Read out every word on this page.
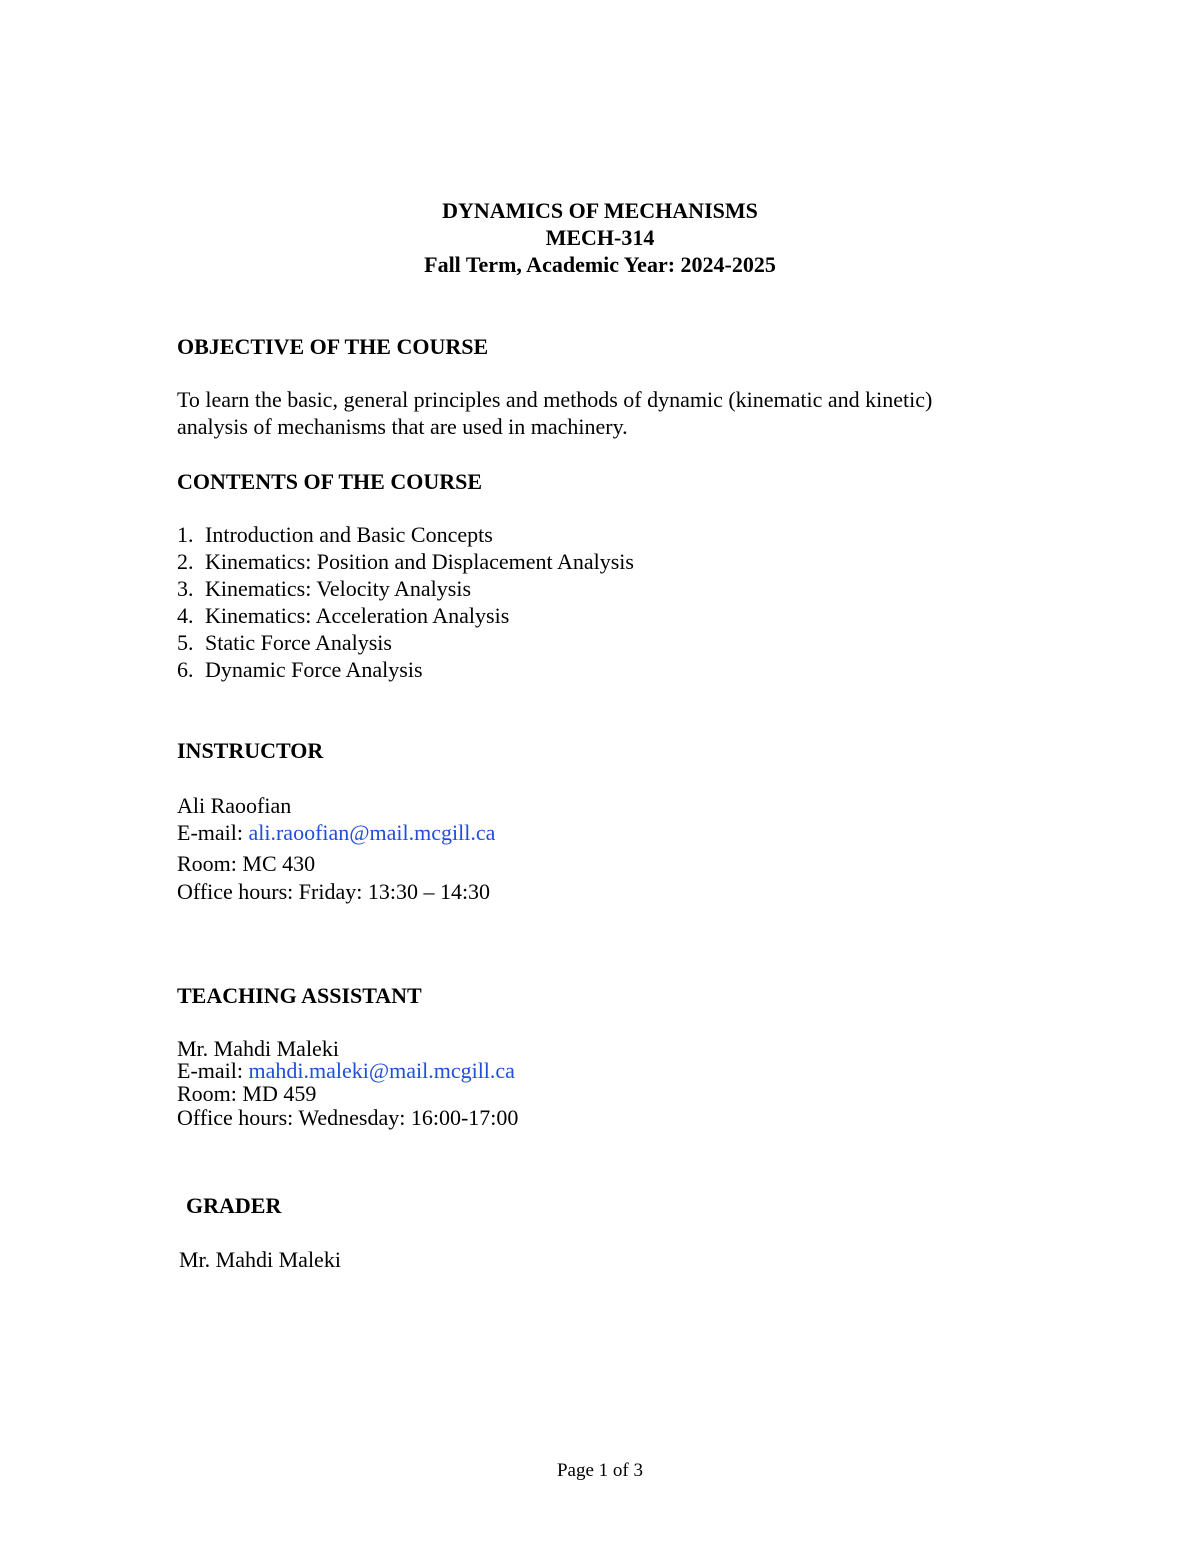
DYNAMICS OF MECHANISMS

MECH-314

Fall Term, Academic Year: 2024-2025

OBJECTIVE OF THE COURSE

To learn the basic, general principles and methods of dynamic (kinematic and kinetic)

analysis of mechanisms that are used in machinery.

CONTENTS OF THE COURSE

1. Introduction and Basic Concepts

2. Kinematics: Position and Displacement Analysis

3. Kinematics: Velocity Analysis

4. Kinematics: Acceleration Analysis

5. Static Force Analysis

6. Dynamic Force Analysis

INSTRUCTOR

Ali Raoofian

E-mail: ali.raoofian@mail.mcgill.ca

Room: MC 430

Office hours: Friday: 13:30 – 14:30

TEACHING ASSISTANT

Mr. Mahdi Maleki

E-mail: mahdi.maleki@mail.mcgill.ca

Room: MD 459

Office hours: Wednesday: 16:00-17:00

GRADER

Mr. Mahdi Maleki

Page 1 of 3
